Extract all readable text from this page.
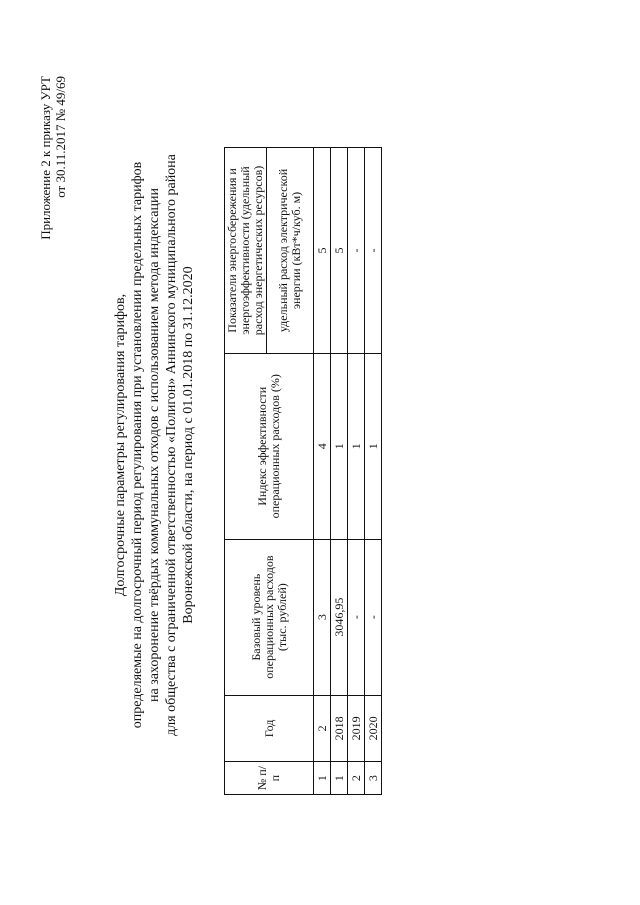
Приложение 2 к приказу УРТ от 30.11.2017 № 49/69
Долгосрочные параметры регулирования тарифов, определяемые на долгосрочный период регулирования при установлении предельных тарифов на захоронение твёрдых коммунальных отходов с использованием метода индексации для общества с ограниченной ответственностью «Полигон» Аннинского муниципального района Воронежской области, на период с 01.01.2018 по 31.12.2020
№ п/п	Год	Базовый уровень операционных расходов (тыс. рублей)	Индекс эффективности операционных расходов (%)	Показатели энергосбережения и энергоэффективности (удельный расход энергетических ресурсов)
				удельный расход электрической энергии (кВт*ч/куб. м)
1	2	3	4	5
1	2018	3046,95	1	5
2	2019	-	1	-
3	2020	-	1	-
